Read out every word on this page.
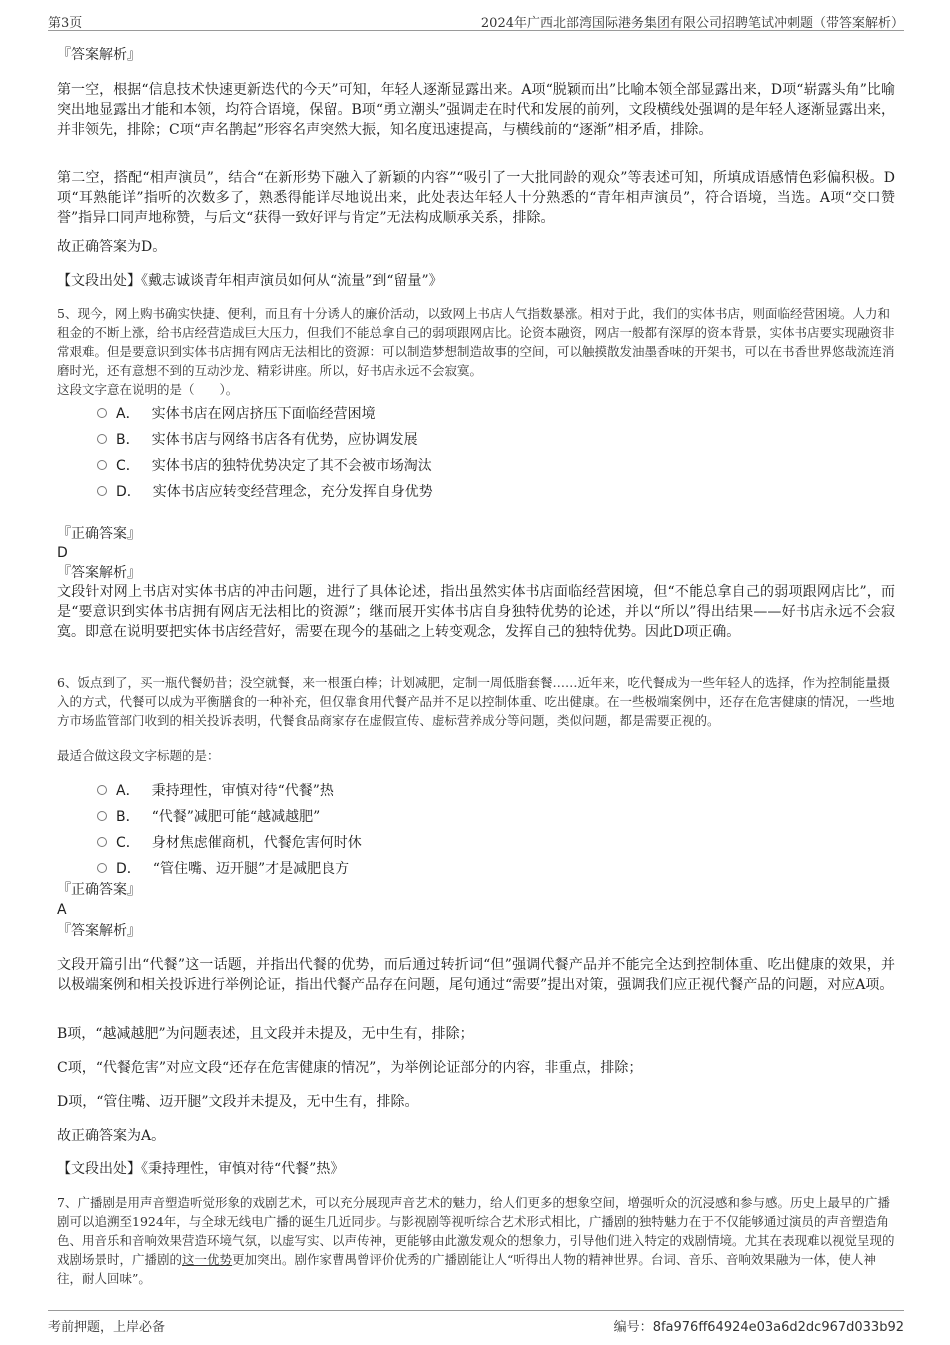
第3页	2024年广西北部湾国际港务集团有限公司招聘笔试冲刺题（带答案解析）

『答案解析』

第一空，根据“信息技术快速更新迭代的今天”可知，年轻人逐渐显露出来。A项“脱颖而出”比喻本领全部显露出来，D项“崭露头角”比喻突出地显露出才能和本领，均符合语境，保留。B项“勇立潮头”强调走在时代和发展的前列，文段横线处强调的是年轻人逐渐显露出来，并非领先，排除；C项“声名鹊起”形容名声突然大振，知名度迅速提高，与横线前的“逐渐”相矛盾，排除。

第二空，搭配“相声演员”，结合“在新形势下融入了新颖的内容”“吸引了一大批同龄的观众”等表述可知，所填成语感情色彩偏积极。D项“耳熟能详”指听的次数多了，熟悉得能详尽地说出来，此处表达年轻人十分熟悉的“青年相声演员”，符合语境，当选。A项“交口赞誉”指异口同声地称赞，与后文“获得一致好评与肯定”无法构成顺承关系，排除。

故正确答案为D。

【文段出处】《戴志诚谈青年相声演员如何从“流量”到“留量”》

5、现今，网上购书确实快捷、便利，而且有十分诱人的廉价活动，以致网上书店人气指数暴涨。相对于此，我们的实体书店，则面临经营困境。人力和租金的不断上涨，给书店经营造成巨大压力，但我们不能总拿自己的弱项跟网店比。论资本融资，网店一般都有深厚的资本背景，实体书店要实现融资非常艰难。但是要意识到实体书店拥有网店无法相比的资源：可以制造梦想制造故事的空间，可以触摸散发油墨香味的开架书，可以在书香世界悠哉流连消磨时光，还有意想不到的互动沙龙、精彩讲座。所以，好书店永远不会寂寞。

这段文字意在说明的是（　　）。

A． 实体书店在网店挤压下面临经营困境
B． 实体书店与网络书店各有优势，应协调发展
C． 实体书店的独特优势决定了其不会被市场淘汰
D． 实体书店应转变经营理念，充分发挥自身优势
『正确答案』
D
『答案解析』

文段针对网上书店对实体书店的冲击问题，进行了具体论述，指出虽然实体书店面临经营困境，但“不能总拿自己的弱项跟网店比”，而是“要意识到实体书店拥有网店无法相比的资源”；继而展开实体书店自身独特优势的论述，并以“所以”得出结果——好书店永远不会寂寞。即意在说明要把实体书店经营好，需要在现今的基础之上转变观念，发挥自己的独特优势。因此D项正确。

6、饭点到了，买一瓶代餐奶昔；没空就餐，来一根蛋白棒；计划减肥，定制一周低脂套餐……近年来，吃代餐成为一些年轻人的选择，作为控制能量摄入的方式，代餐可以成为平衡膳食的一种补充，但仅靠食用代餐产品并不足以控制体重、吃出健康。在一些极端案例中，还存在危害健康的情况，一些地方市场监管部门收到的相关投诉表明，代餐食品商家存在虚假宣传、虚标营养成分等问题，类似问题，都是需要正视的。

最适合做这段文字标题的是：

A． 秉持理性，审慎对待“代餐”热
B． “代餐”减肥可能“越减越肥”
C． 身材焦虑催商机，代餐危害何时休
D． “管住嘴、迈开腿”才是减肥良方
『正确答案』
A
『答案解析』

文段开篇引出“代餐”这一话题，并指出代餐的优势，而后通过转折词“但”强调代餐产品并不能完全达到控制体重、吃出健康的效果，并以极端案例和相关投诉进行举例论证，指出代餐产品存在问题，尾句通过“需要”提出对策，强调我们应正视代餐产品的问题，对应A项。

B项，“越减越肥”为问题表述，且文段并未提及，无中生有，排除；

C项，“代餐危害”对应文段“还存在危害健康的情况”，为举例论证部分的内容，非重点，排除；

D项，“管住嘴、迈开腿”文段并未提及，无中生有，排除。

故正确答案为A。

【文段出处】《秉持理性，审慎对待“代餐”热》

7、广播剧是用声音塑造听觉形象的戏剧艺术，可以充分展现声音艺术的魅力，给人们更多的想象空间，增强听众的沉浸感和参与感。历史上最早的广播剧可以追溯至1924年，与全球无线电广播的诞生几近同步。与影视剧等视听综合艺术形式相比，广播剧的独特魅力在于不仅能够通过演员的声音塑造角色、用音乐和音响效果营造环境气氛，以虚写实、以声传神，更能够由此激发观众的想象力，引导他们进入特定的戏剧情境。尤其在表现难以视觉呈现的戏剧场景时，广播剧的这一优势更加突出。剧作家曹禺曾评价优秀的广播剧能让人“听得出人物的精神世界。台词、音乐、音响效果融为一体，使人神往，耐人回味”。

考前押题，上岸必备	编号：8fa976ff64924e03a6d2dc967d033b92
